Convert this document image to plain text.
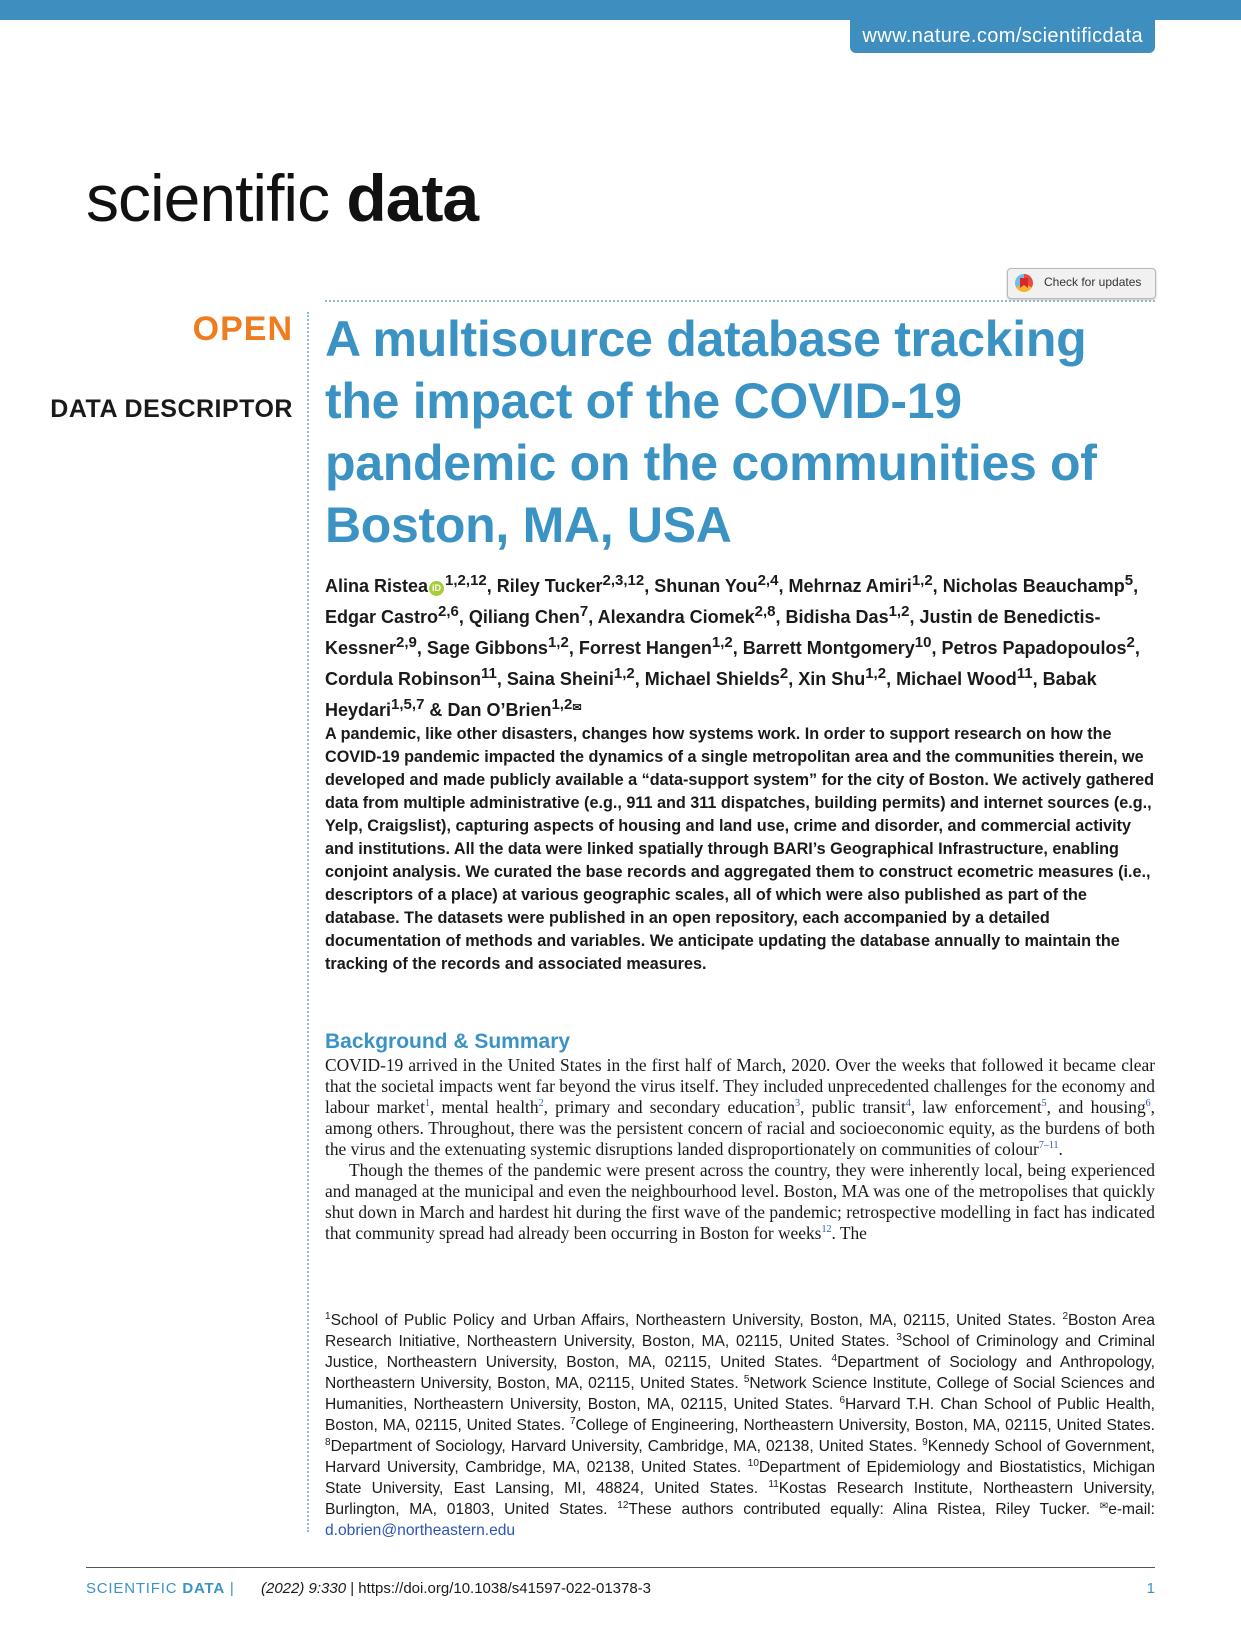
www.nature.com/scientificdata
scientific data
Check for updates
OPEN
DATA DESCRIPTOR
A multisource database tracking the impact of the COVID-19 pandemic on the communities of Boston, MA, USA
Alina Ristea iD $^{1,2,12}$, Riley Tucker$^{2,3,12}$, Shunan You$^{2,4}$, Mehrnaz Amiri$^{1,2}$, Nicholas Beauchamp$^5$, Edgar Castro$^{2,6}$, Qiliang Chen$^7$, Alexandra Ciomek$^{2,8}$, Bidisha Das$^{1,2}$, Justin de Benedictis-Kessner$^{2,9}$, Sage Gibbons$^{1,2}$, Forrest Hangen$^{1,2}$, Barrett Montgomery$^{10}$, Petros Papadopoulos$^2$, Cordula Robinson$^{11}$, Saina Sheini$^{1,2}$, Michael Shields$^2$, Xin Shu$^{1,2}$, Michael Wood$^{11}$, Babak Heydari$^{1,5,7}$ & Dan O’Brien$^{1,2✉}$
A pandemic, like other disasters, changes how systems work. In order to support research on how the COVID-19 pandemic impacted the dynamics of a single metropolitan area and the communities therein, we developed and made publicly available a “data-support system” for the city of Boston. We actively gathered data from multiple administrative (e.g., 911 and 311 dispatches, building permits) and internet sources (e.g., Yelp, Craigslist), capturing aspects of housing and land use, crime and disorder, and commercial activity and institutions. All the data were linked spatially through BARI’s Geographical Infrastructure, enabling conjoint analysis. We curated the base records and aggregated them to construct ecometric measures (i.e., descriptors of a place) at various geographic scales, all of which were also published as part of the database. The datasets were published in an open repository, each accompanied by a detailed documentation of methods and variables. We anticipate updating the database annually to maintain the tracking of the records and associated measures.
Background & Summary

COVID-19 arrived in the United States in the first half of March, 2020. Over the weeks that followed it became clear that the societal impacts went far beyond the virus itself. They included unprecedented challenges for the economy and labour market$^1$, mental health$^2$, primary and secondary education$^3$, public transit$^4$, law enforcement$^5$, and housing$^6$, among others. Throughout, there was the persistent concern of racial and socioeconomic equity, as the burdens of both the virus and the extenuating systemic disruptions landed disproportionately on communities of colour$^{7-11}$.

Though the themes of the pandemic were present across the country, they were inherently local, being experienced and managed at the municipal and even the neighbourhood level. Boston, MA was one of the metropolises that quickly shut down in March and hardest hit during the first wave of the pandemic; retrospective modelling in fact has indicated that community spread had already been occurring in Boston for weeks$^{12}$. The

$^1$School of Public Policy and Urban Affairs, Northeastern University, Boston, MA, 02115, United States. $^2$Boston Area Research Initiative, Northeastern University, Boston, MA, 02115, United States. $^3$School of Criminology and Criminal Justice, Northeastern University, Boston, MA, 02115, United States. $^4$Department of Sociology and Anthropology, Northeastern University, Boston, MA, 02115, United States. $^5$Network Science Institute, College of Social Sciences and Humanities, Northeastern University, Boston, MA, 02115, United States. $^6$Harvard T.H. Chan School of Public Health, Boston, MA, 02115, United States. $^7$College of Engineering, Northeastern University, Boston, MA, 02115, United States. $^8$Department of Sociology, Harvard University, Cambridge, MA, 02138, United States. $^9$Kennedy School of Government, Harvard University, Cambridge, MA, 02138, United States. $^{10}$Department of Epidemiology and Biostatistics, Michigan State University, East Lansing, MI, 48824, United States. $^{11}$Kostas Research Institute, Northeastern University, Burlington, MA, 01803, United States. $^{12}$These authors contributed equally: Alina Ristea, Riley Tucker. ✉e-mail: d.obrien@northeastern.edu
SCIENTIFIC DATA | (2022) 9:330 | https://doi.org/10.1038/s41597-022-01378-3	1
